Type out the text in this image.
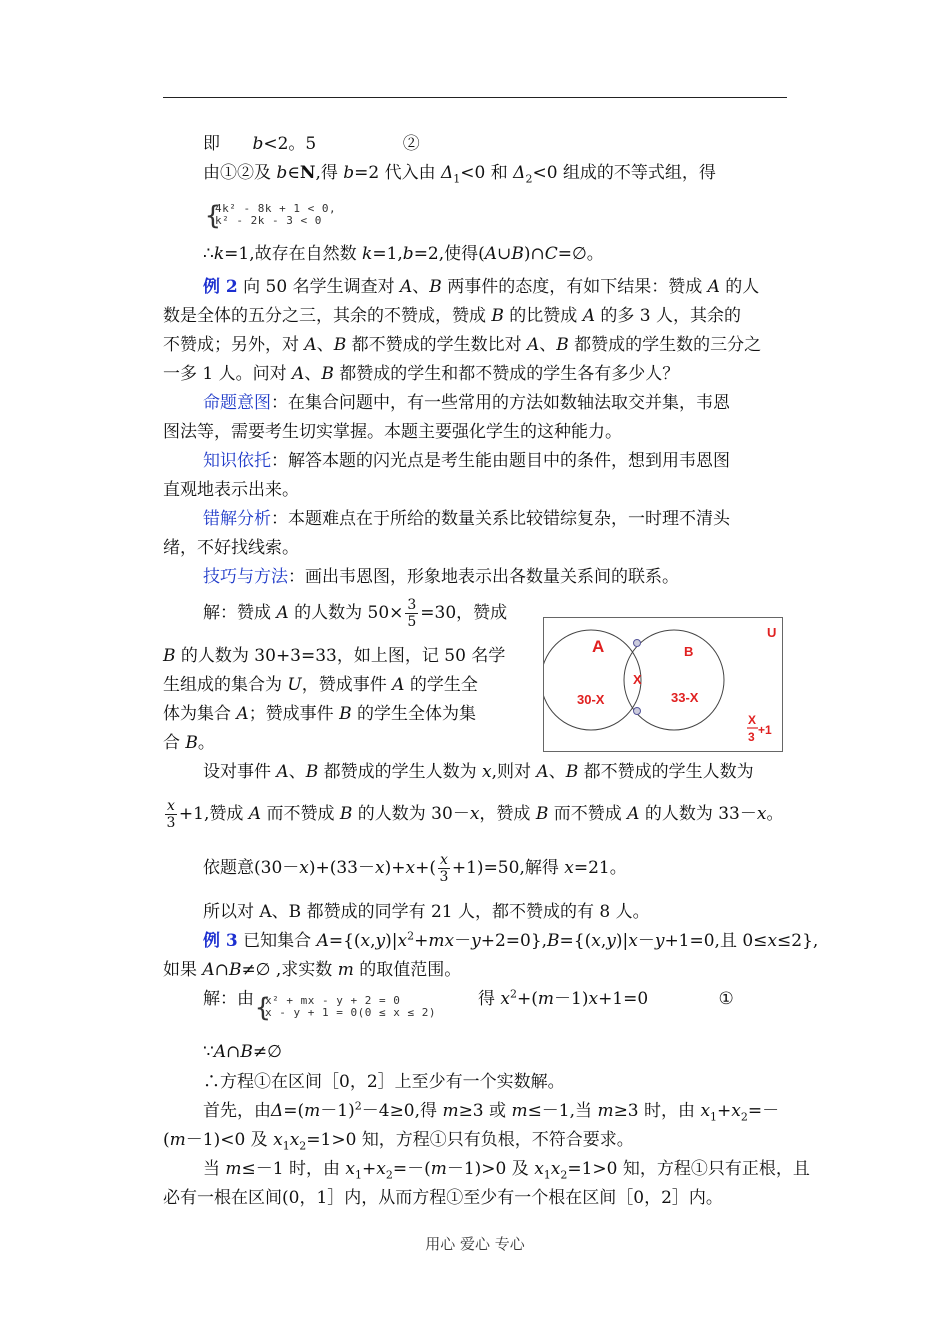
即 b<2。5	②
由①②及 b∈N,得 b=2 代入由 $\Delta_1<0$ 和 $\Delta_2<0$ 组成的不等式组，得
{
4k² - 8k + 1 < 0,
k² - 2k - 3 < 0
∴k=1,故存在自然数 k=1,b=2,使得(A∪B)∩C=∅。
例 2 向 50 名学生调查对 A、B 两事件的态度，有如下结果：赞成 A 的人
数是全体的五分之三，其余的不赞成，赞成 B 的比赞成 A 的多 3 人，其余的
不赞成；另外，对 A、B 都不赞成的学生数比对 A、B 都赞成的学生数的三分之
一多 1 人。问对 A、B 都赞成的学生和都不赞成的学生各有多少人？
命题意图：在集合问题中，有一些常用的方法如数轴法取交并集，韦恩
图法等，需要考生切实掌握。本题主要强化学生的这种能力。
知识依托：解答本题的闪光点是考生能由题目中的条件，想到用韦恩图
直观地表示出来。
错解分析：本题难点在于所给的数量关系比较错综复杂，一时理不清头
绪，不好找线索。
技巧与方法：画出韦恩图，形象地表示出各数量关系间的联系。
解：赞成 A 的人数为 $50\times \frac{3}{5} =30$，赞成
B 的人数为 30+3=33，如上图，记 50 名学
生组成的集合为 U，赞成事件 A 的学生全
体为集合 A；赞成事件 B 的学生全体为集
合 B。
A	B
U
X
30-X	33-X
X
3 +1
设对事件 A、B 都赞成的学生人数为 x,则对 A、B 都不赞成的学生人数为
$\frac{x}{3} +1$,赞成 A 而不赞成 B 的人数为 30－x，赞成 B 而不赞成 A 的人数为 33－x。
依题意$(30-x)+(33-x)+x+( \frac{x}{3} +1)=50$,解得 x=21。
所以对 A、B 都赞成的同学有 21 人，都不赞成的有 8 人。
例 3 已知集合 $A=\{(x,y)|x^2+mx-y+2=0\},B=\{(x,y)|x-y+1=0$,且 0≤x≤2},
如果 A∩B≠∅ ,求实数 m 的取值范围。
解：由 {
x² + mx - y + 2 = 0
x - y + 1 = 0(0 ≤ x ≤ 2)
得 $x^2+(m-1)x+1=0$             ①
∵A∩B≠∅
∴方程①在区间［0，2］上至少有一个实数解。
首先，由$\Delta=(m-1)^2-4\ge 0$,得 m≥3 或 m≤－1,当 m≥3 时，由 $x_1+x_2=-$
(m－1)<0 及 $x_1x_2=1>0$ 知，方程①只有负根，不符合要求。
当 m≤－1 时，由 $x_1+x_2=-(m-1)>0$ 及 $x_1x_2=1>0$ 知，方程①只有正根，且
必有一根在区间(0，1］内，从而方程①至少有一个根在区间［0，2］内。
用心 爱心 专心
